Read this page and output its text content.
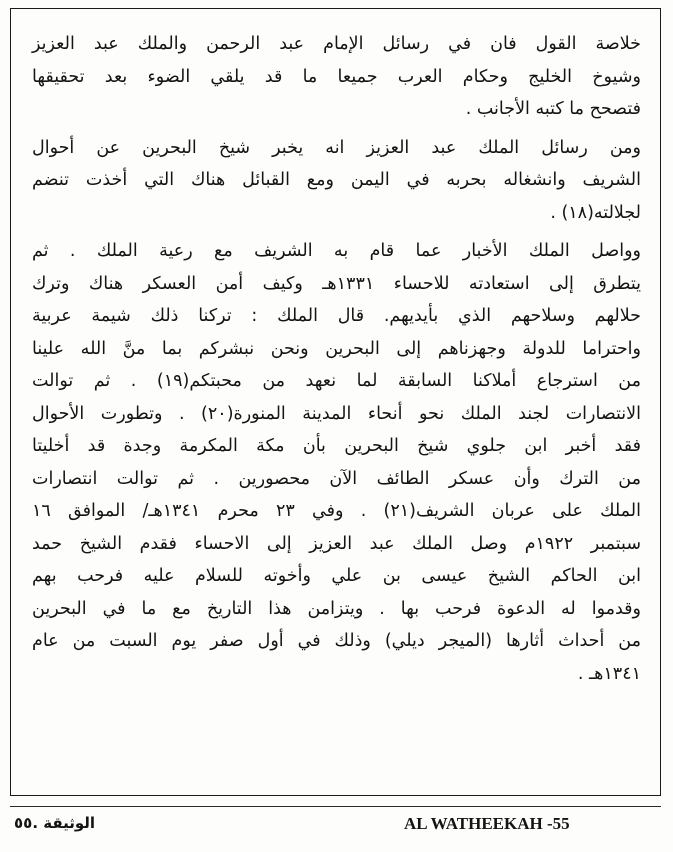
خلاصة القول فان في رسائل الإمام عبد الرحمن والملك عبد العزيز
وشيوخ الخليج وحكام العرب جميعا ما قد يلقي الضوء بعد تحقيقها
فتصحح ما كتبه الأجانب .
ومن رسائل الملك عبد العزيز انه يخبر شيخ البحرين عن أحوال
الشريف وانشغاله بحربه في اليمن ومع القبائل هناك التي أخذت تنضم
لجلالته(١٨) .
وواصل الملك الأخبار عما قام به الشريف مع رعية الملك . ثم
يتطرق إلى استعادته للاحساء ١٣٣١هـ وكيف أمن العسكر هناك وترك
حلالهم وسلاحهم الذي بأيديهم. قال الملك : تركنا ذلك شيمة عربية
واحتراما للدولة وجهزناهم إلى البحرين ونحن نبشركم بما منَّ الله علينا
من استرجاع أملاكنا السابقة لما نعهد من محبتكم(١٩) . ثم توالت
الانتصارات لجند الملك نحو أنحاء المدينة المنورة(٢٠) . وتطورت الأحوال
فقد أخبر ابن جلوي شيخ البحرين بأن مكة المكرمة وجدة قد أخليتا
من الترك وأن عسكر الطائف الآن محصورين . ثم توالت انتصارات
الملك على عربان الشريف(٢١) . وفي ٢٣ محرم ١٣٤١هـ/ الموافق ١٦
سبتمبر ١٩٢٢م وصل الملك عبد العزيز إلى الاحساء فقدم الشيخ حمد
ابن الحاكم الشيخ عيسى بن علي وأخوته للسلام عليه فرحب بهم
وقدموا له الدعوة فرحب بها . ويتزامن هذا التاريخ مع ما في البحرين
من أحداث أثارها (الميجر ديلي) وذلك في أول صفر يوم السبت من عام
١٣٤١هـ .
AL WATHEEKAH -55
الوثيقة .٥٥
